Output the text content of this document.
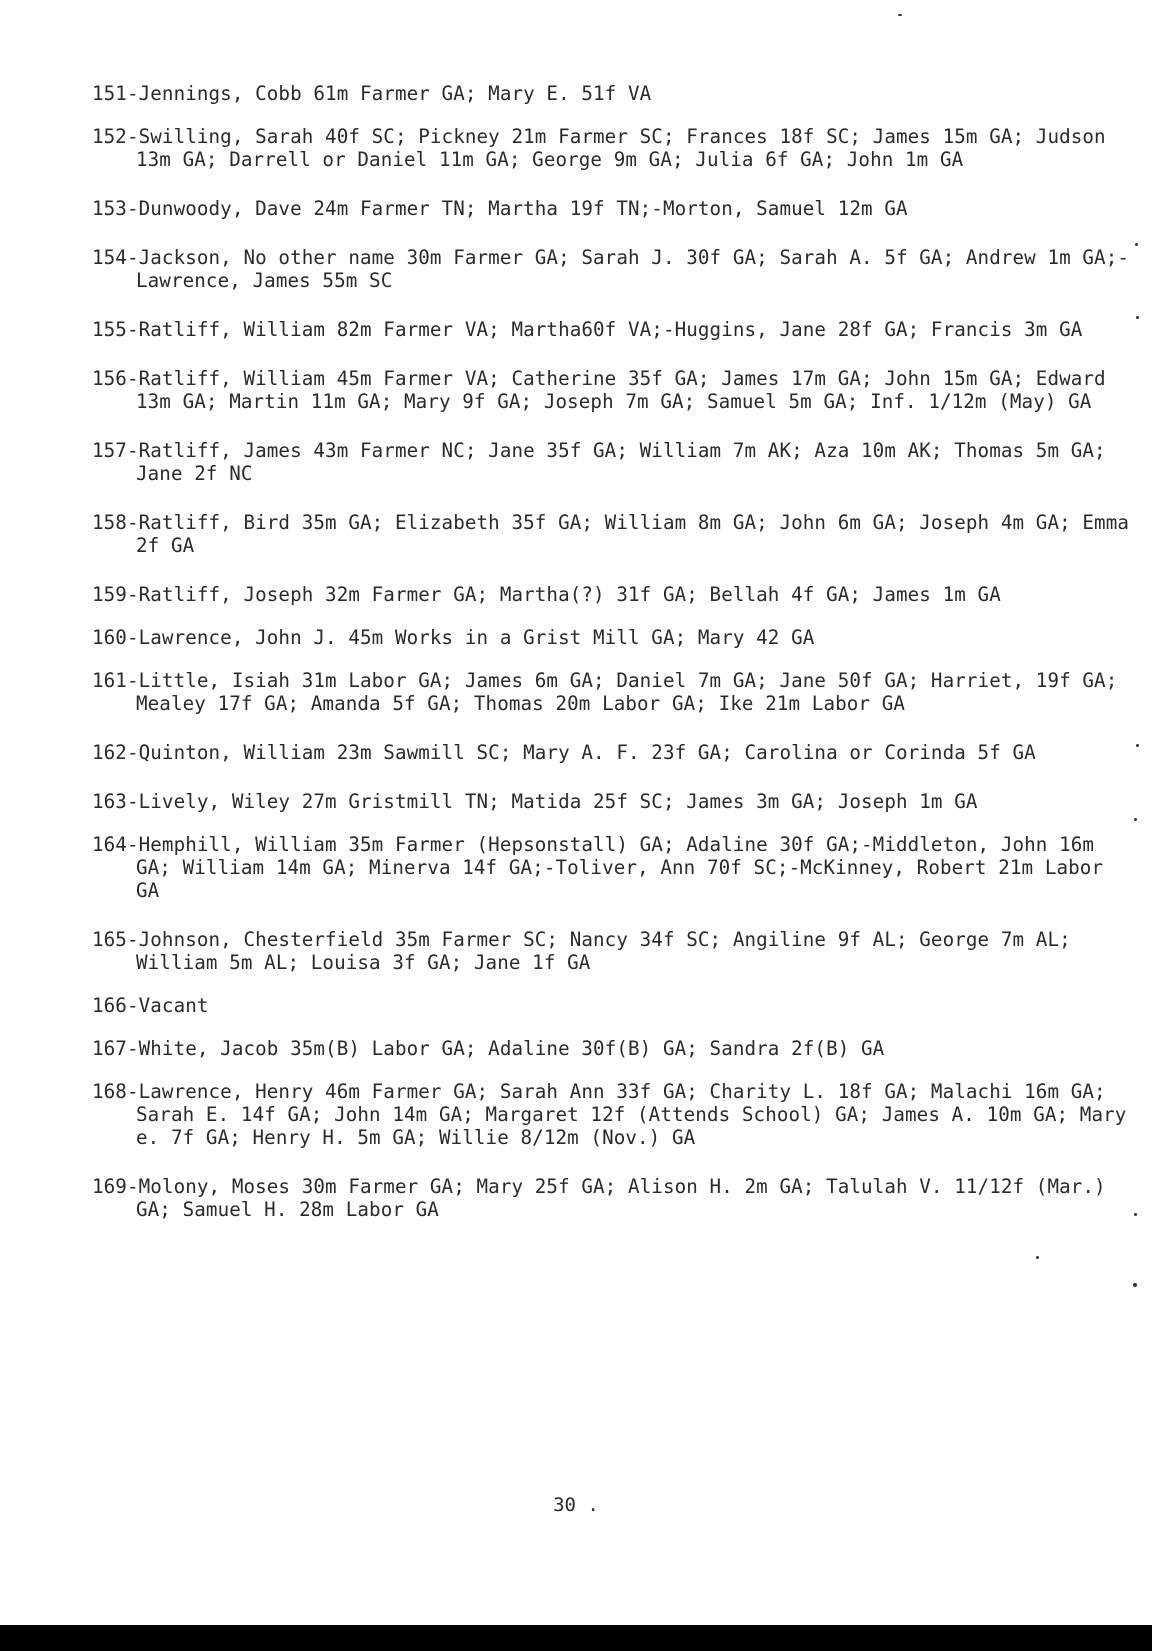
151-Jennings, Cobb 61m Farmer GA; Mary E. 51f VA
152-Swilling, Sarah 40f SC; Pickney 21m Farmer SC; Frances 18f SC; James 15m GA; Judson 13m GA; Darrell or Daniel 11m GA; George 9m GA; Julia 6f GA; John 1m GA
153-Dunwoody, Dave 24m Farmer TN; Martha 19f TN;-Morton, Samuel 12m GA
154-Jackson, No other name 30m Farmer GA; Sarah J. 30f GA; Sarah A. 5f GA; Andrew 1m GA;-Lawrence, James 55m SC
155-Ratliff, William 82m Farmer VA; Martha60f VA;-Huggins, Jane 28f GA; Francis 3m GA
156-Ratliff, William 45m Farmer VA; Catherine 35f GA; James 17m GA; John 15m GA; Edward 13m GA; Martin 11m GA; Mary 9f GA; Joseph 7m GA; Samuel 5m GA; Inf. 1/12m (May) GA
157-Ratliff, James 43m Farmer NC; Jane 35f GA; William 7m AK; Aza 10m AK; Thomas 5m GA; Jane 2f NC
158-Ratliff, Bird 35m GA; Elizabeth 35f GA; William 8m GA; John 6m GA; Joseph 4m GA; Emma 2f GA
159-Ratliff, Joseph 32m Farmer GA; Martha(?) 31f GA; Bellah 4f GA; James 1m GA
160-Lawrence, John J. 45m Works in a Grist Mill GA; Mary 42 GA
161-Little, Isiah 31m Labor GA; James 6m GA; Daniel 7m GA; Jane 50f GA; Harriet, 19f GA; Mealey 17f GA; Amanda 5f GA; Thomas 20m Labor GA; Ike 21m Labor GA
162-Quinton, William 23m Sawmill SC; Mary A. F. 23f GA; Carolina or Corinda 5f GA
163-Lively, Wiley 27m Gristmill TN; Matida 25f SC; James 3m GA; Joseph 1m GA
164-Hemphill, William 35m Farmer (Hepsonstall) GA; Adaline 30f GA;-Middleton, John 16m GA; William 14m GA; Minerva 14f GA;-Toliver, Ann 70f SC;-McKinney, Robert 21m Labor GA
165-Johnson, Chesterfield 35m Farmer SC; Nancy 34f SC; Angiline 9f AL; George 7m AL; William 5m AL; Louisa 3f GA; Jane 1f GA
166-Vacant
167-White, Jacob 35m(B) Labor GA; Adaline 30f(B) GA; Sandra 2f(B) GA
168-Lawrence, Henry 46m Farmer GA; Sarah Ann 33f GA; Charity L. 18f GA; Malachi 16m GA; Sarah E. 14f GA; John 14m GA; Margaret 12f (Attends School) GA; James A. 10m GA; Mary e. 7f GA; Henry H. 5m GA; Willie 8/12m (Nov.) GA
169-Molony, Moses 30m Farmer GA; Mary 25f GA; Alison H. 2m GA; Talulah V. 11/12f (Mar.) GA; Samuel H. 28m Labor GA
30 .
